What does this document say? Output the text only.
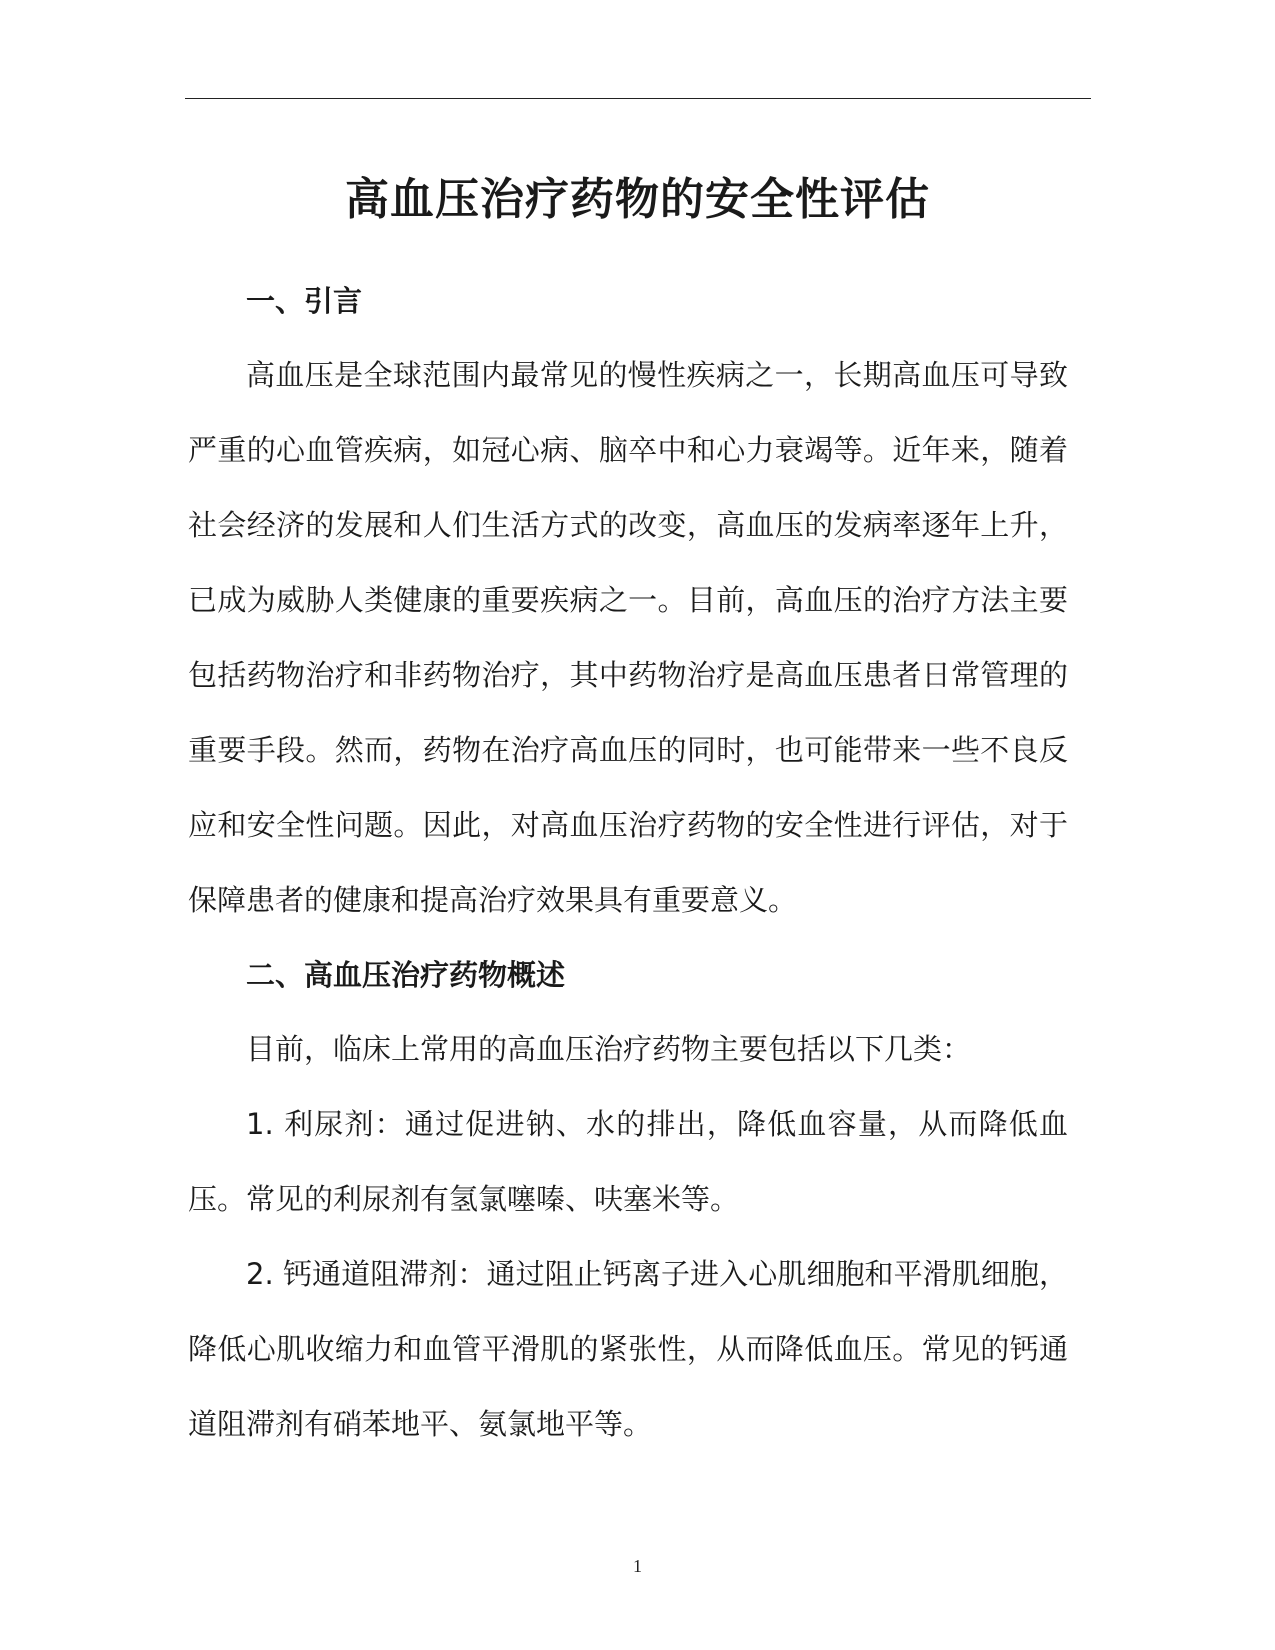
高血压治疗药物的安全性评估
一、引言
高血压是全球范围内最常见的慢性疾病之一，长期高血压可导致严重的心血管疾病，如冠心病、脑卒中和心力衰竭等。近年来，随着社会经济的发展和人们生活方式的改变，高血压的发病率逐年上升，已成为威胁人类健康的重要疾病之一。目前，高血压的治疗方法主要包括药物治疗和非药物治疗，其中药物治疗是高血压患者日常管理的重要手段。然而，药物在治疗高血压的同时，也可能带来一些不良反应和安全性问题。因此，对高血压治疗药物的安全性进行评估，对于保障患者的健康和提高治疗效果具有重要意义。
二、高血压治疗药物概述
目前，临床上常用的高血压治疗药物主要包括以下几类：
1. 利尿剂：通过促进钠、水的排出，降低血容量，从而降低血压。常见的利尿剂有氢氯噻嗪、呋塞米等。
2. 钙通道阻滞剂：通过阻止钙离子进入心肌细胞和平滑肌细胞，降低心肌收缩力和血管平滑肌的紧张性，从而降低血压。常见的钙通道阻滞剂有硝苯地平、氨氯地平等。
1
